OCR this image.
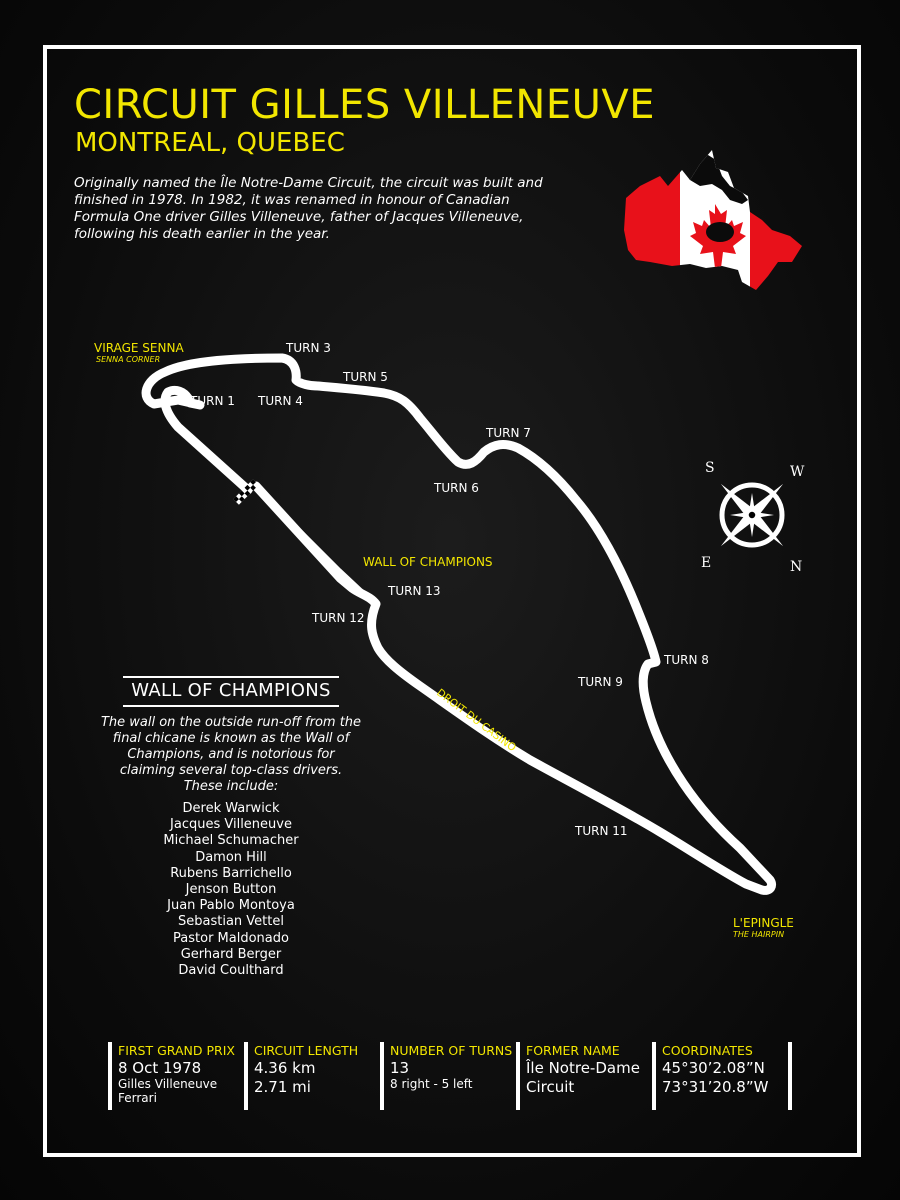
CIRCUIT GILLES VILLENEUVE
MONTREAL, QUEBEC
Originally named the Île Notre-Dame Circuit, the circuit was built and finished in 1978. In 1982, it was renamed in honour of Canadian Formula One driver Gilles Villeneuve, father of Jacques Villeneuve, following his death earlier in the year.
VIRAGE SENNA
SENNA CORNER
TURN 1
TURN 3
TURN 4
TURN 5
TURN 6
TURN 7
TURN 8
TURN 9
TURN 11
TURN 12
TURN 13
WALL OF CHAMPIONS
DROIT DU CASINO
L'EPINGLE
THE HAIRPIN
S	W
E	N
WALL OF CHAMPIONS
The wall on the outside run-off from the final chicane is known as the Wall of Champions, and is notorious for claiming several top-class drivers. These include:
Derek Warwick
Jacques Villeneuve
Michael Schumacher
Damon Hill
Rubens Barrichello
Jenson Button
Juan Pablo Montoya
Sebastian Vettel
Pastor Maldonado
Gerhard Berger
David Coulthard
FIRST GRAND PRIX
8 Oct 1978
Gilles Villeneuve
Ferrari
CIRCUIT LENGTH
4.36 km
2.71 mi
NUMBER OF TURNS
13
8 right - 5 left
FORMER NAME
Île Notre-Dame
Circuit
COORDINATES
45°30’2.08”N
73°31’20.8”W
